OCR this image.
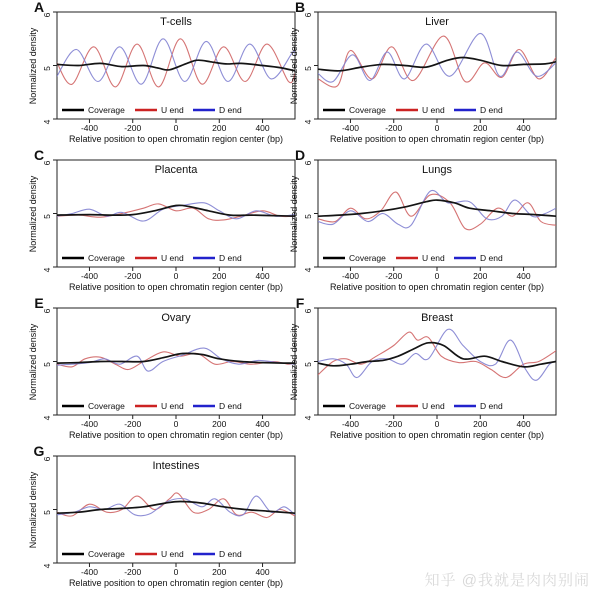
A
4
5
6
-400	-200	0	200	400
Normalized density
Relative position to open chromatin region center (bp)
T-cells
Coverage	U end	D end
B
4
5
6
-400	-200	0	200	400
Normalized density
Relative position to open chromatin region center (bp)
Liver
Coverage	U end	D end
C
4
5
6
-400	-200	0	200	400
Normalized density
Relative position to open chromatin region center (bp)
Placenta
Coverage	U end	D end
D
4
5
6
-400	-200	0	200	400
Normalized density
Relative position to open chromatin region center (bp)
Lungs
Coverage	U end	D end
E
4
5
6
-400	-200	0	200	400
Normalized density
Relative position to open chromatin region center (bp)
Ovary
Coverage	U end	D end
F
4
5
6
-400	-200	0	200	400
Normalized density
Relative position to open chromatin region center (bp)
Breast
Coverage	U end	D end
G
4
5
6
-400	-200	0	200	400
Normalized density
Relative position to open chromatin region center (bp)
Intestines
Coverage	U end	D end
知乎 @我就是肉肉别闹
